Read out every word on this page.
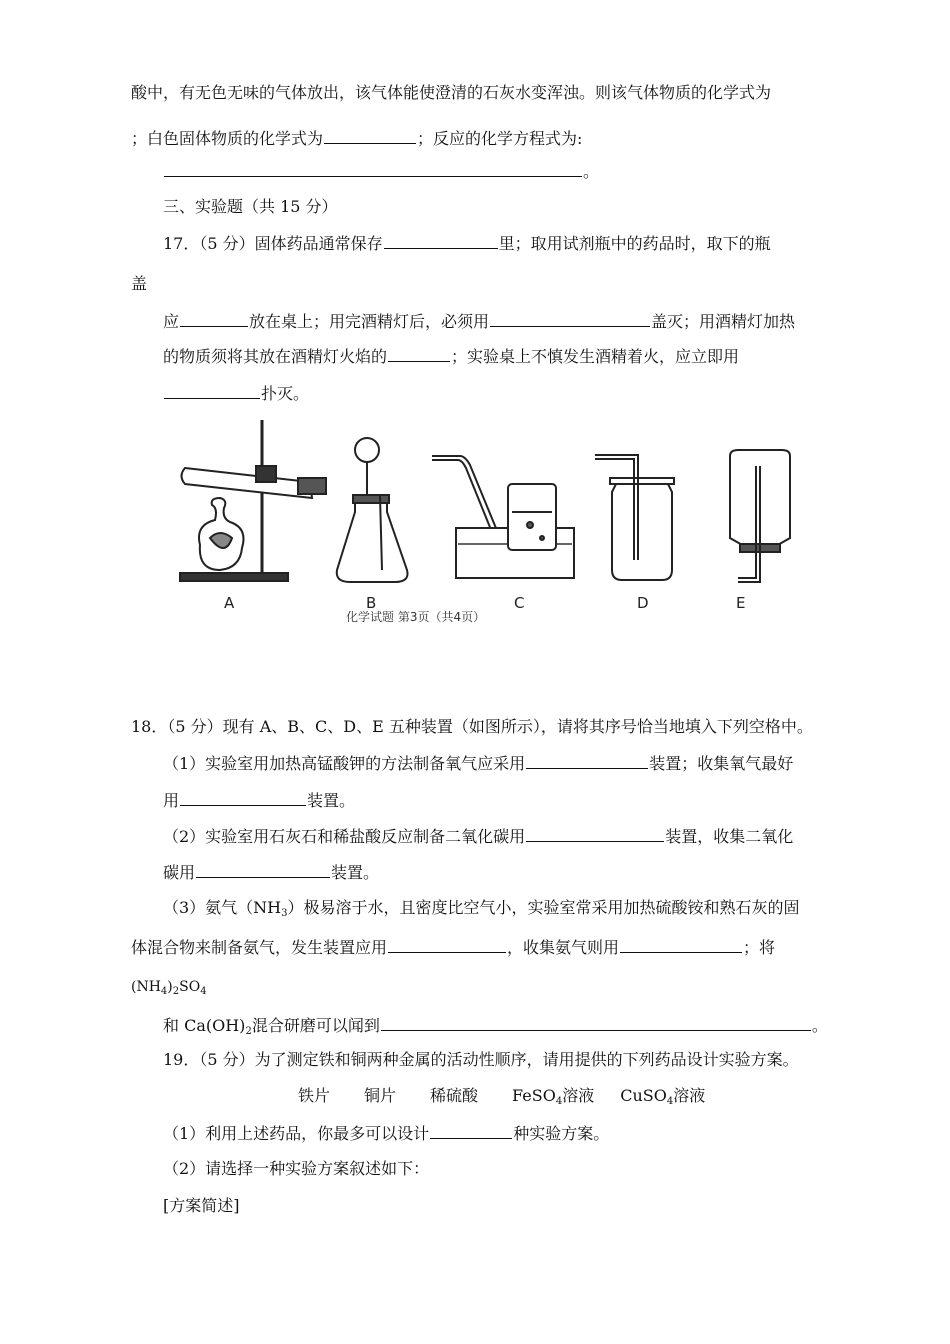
酸中，有无色无味的气体放出，该气体能使澄清的石灰水变浑浊。则该气体物质的化学式为
；白色固体物质的化学式为	；反应的化学方程式为:
。
三、实验题（共 15 分）
17．（5 分）固体药品通常保存	里；取用试剂瓶中的药品时，取下的瓶
盖
应	放在桌上；用完酒精灯后，必须用	盖灭；用酒精灯加热
的物质须将其放在酒精灯火焰的	；实验桌上不慎发生酒精着火，应立即用
扑灭。
A	B	C	D	E
化学试题 第3页（共4页）
18．（5 分）现有 A、B、C、D、E 五种装置（如图所示），请将其序号恰当地填入下列空格中。
（1）实验室用加热高锰酸钾的方法制备氧气应采用	装置；收集氧气最好
用	装置。
（2）实验室用石灰石和稀盐酸反应制备二氧化碳用	装置，收集二氧化
碳用	装置。
（3）氨气$(NH_3)$极易溶于水，且密度比空气小，实验室常采用加热硫酸铵和熟石灰的固
体混合物来制备氨气，发生装置应用	，收集氨气则用	；将
$(NH_4)_2SO_4$
和 $Ca(OH)_2$混合研磨可以闻到	。
19．（5 分）为了测定铁和铜两种金属的活动性顺序，请用提供的下列药品设计实验方案。
铁片 铜片 稀硫酸 FeSO$_4$溶液 CuSO$_4$溶液
（1）利用上述药品，你最多可以设计	种实验方案。
（2）请选择一种实验方案叙述如下：
[方案简述]
